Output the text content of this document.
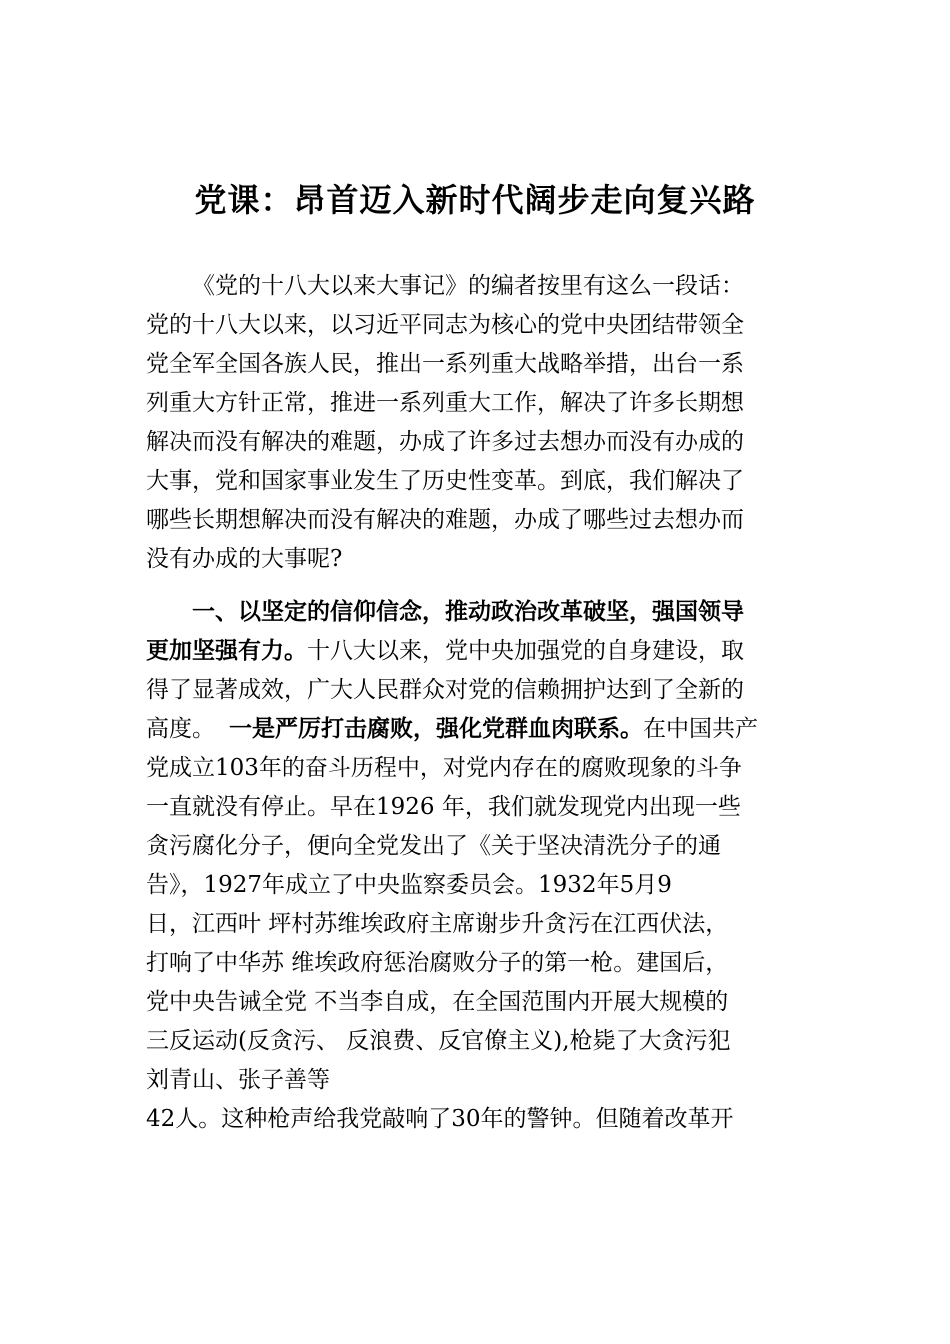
党课：昂首迈入新时代阔步走向复兴路
《党的十八大以来大事记》的编者按里有这么一段话：
党的十八大以来，以习近平同志为核心的党中央团结带领全
党全军全国各族人民，推出一系列重大战略举措，出台一系
列重大方针正常，推进一系列重大工作，解决了许多长期想
解决而没有解决的难题，办成了许多过去想办而没有办成的
大事，党和国家事业发生了历史性变革。到底，我们解决了
哪些长期想解决而没有解决的难题，办成了哪些过去想办而
没有办成的大事呢?
一、以坚定的信仰信念，推动政治改革破坚，强国领导
更加坚强有力。十八大以来，党中央加强党的自身建设，取
得了显著成效，广大人民群众对党的信赖拥护达到了全新的
高度。 一是严厉打击腐败，强化党群血肉联系。在中国共产
党成立103年的奋斗历程中，对党内存在的腐败现象的斗争
一直就没有停止。早在1926 年，我们就发现党内出现一些
贪污腐化分子，便向全党发出了《关于坚决清洗分子的通
告》，1927年成立了中央监察委员会。1932年5月9
日，江西叶 坪村苏维埃政府主席谢步升贪污在江西伏法，
打响了中华苏 维埃政府惩治腐败分子的第一枪。建国后，
党中央告诫全党 不当李自成，在全国范围内开展大规模的
三反运动(反贪污、 反浪费、反官僚主义),枪毙了大贪污犯
刘青山、张子善等
42人。这种枪声给我党敲响了30年的警钟。但随着改革开
